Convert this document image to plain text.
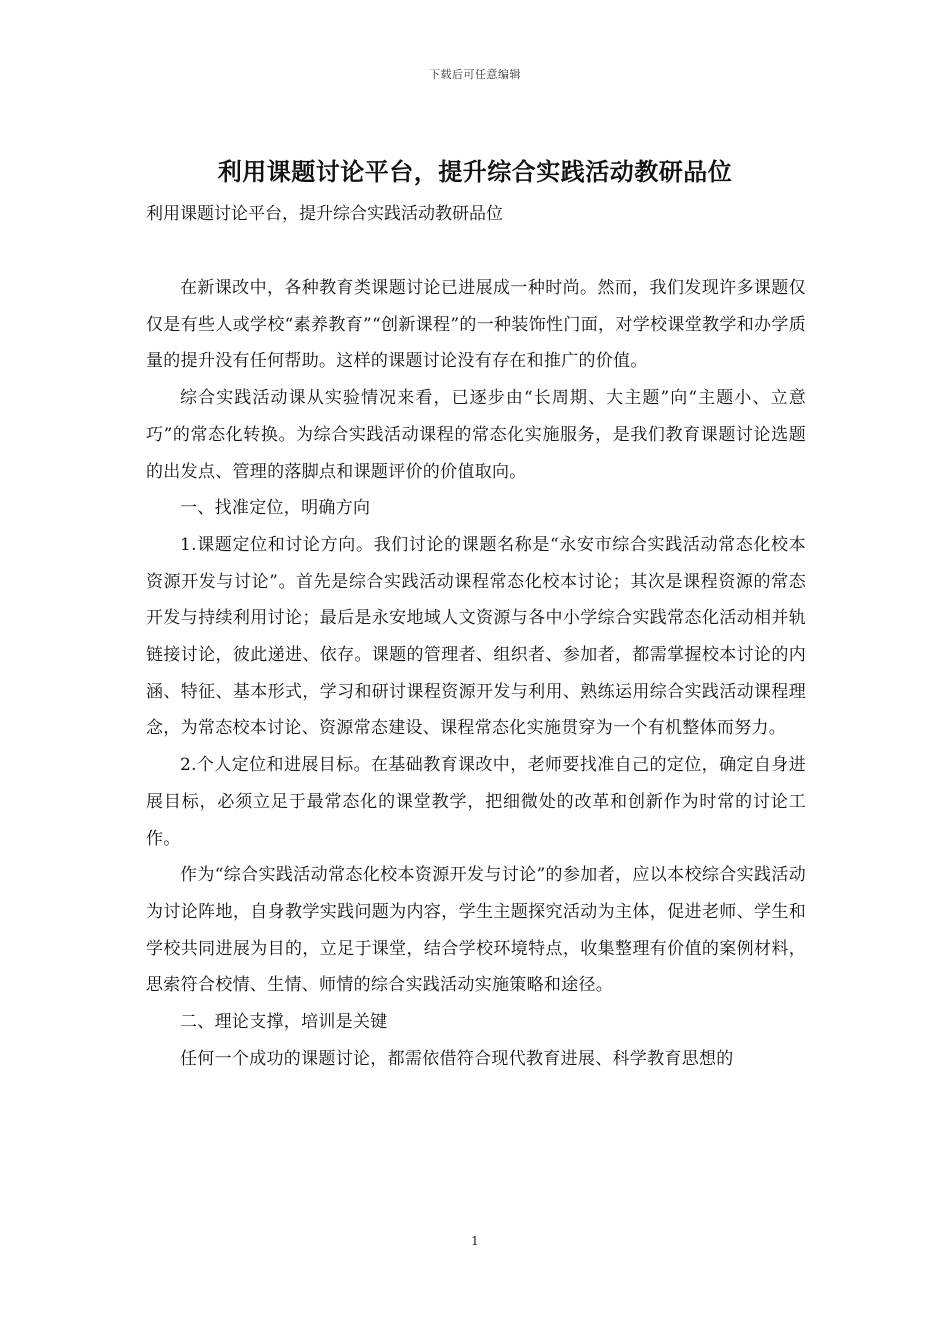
下载后可任意编辑
利用课题讨论平台，提升综合实践活动教研品位
利用课题讨论平台，提升综合实践活动教研品位

在新课改中，各种教育类课题讨论已进展成一种时尚。然而，我们发现许多课题仅仅是有些人或学校“素养教育”“创新课程”的一种装饰性门面，对学校课堂教学和办学质量的提升没有任何帮助。这样的课题讨论没有存在和推广的价值。

综合实践活动课从实验情况来看，已逐步由“长周期、大主题”向“主题小、立意巧”的常态化转换。为综合实践活动课程的常态化实施服务，是我们教育课题讨论选题的出发点、管理的落脚点和课题评价的价值取向。

一、找准定位，明确方向

1.课题定位和讨论方向。我们讨论的课题名称是“永安市综合实践活动常态化校本资源开发与讨论”。首先是综合实践活动课程常态化校本讨论；其次是课程资源的常态开发与持续利用讨论；最后是永安地域人文资源与各中小学综合实践常态化活动相并轨链接讨论，彼此递进、依存。课题的管理者、组织者、参加者，都需掌握校本讨论的内涵、特征、基本形式，学习和研讨课程资源开发与利用、熟练运用综合实践活动课程理念，为常态校本讨论、资源常态建设、课程常态化实施贯穿为一个有机整体而努力。

2.个人定位和进展目标。在基础教育课改中，老师要找准自己的定位，确定自身进展目标，必须立足于最常态化的课堂教学，把细微处的改革和创新作为时常的讨论工作。

作为“综合实践活动常态化校本资源开发与讨论”的参加者，应以本校综合实践活动为讨论阵地，自身教学实践问题为内容，学生主题探究活动为主体，促进老师、学生和学校共同进展为目的，立足于课堂，结合学校环境特点，收集整理有价值的案例材料，思索符合校情、生情、师情的综合实践活动实施策略和途径。

二、理论支撑，培训是关键

任何一个成功的课题讨论，都需依借符合现代教育进展、科学教育思想的

1
